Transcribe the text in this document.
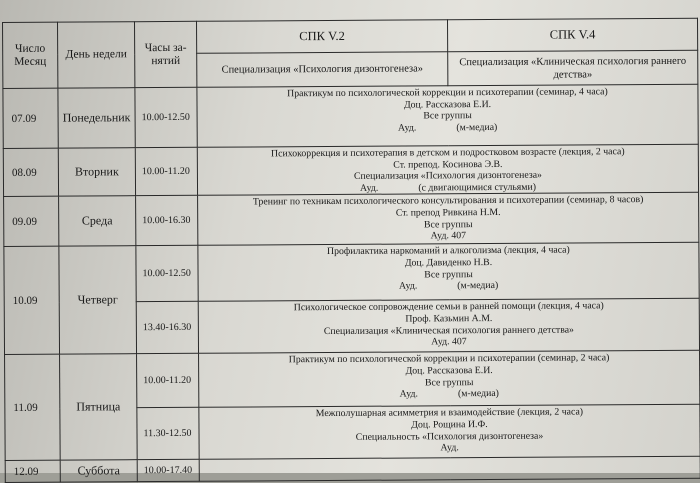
Число Месяц	День недели	Часы за-нятий	СПК V.2	СПК V.4
			Специализация «Психология дизонтогенеза»	Специализация «Клиническая психология раннего детства»
07.09	Понедельник	10.00-12.50	Практикум по психологической коррекции и психотерапии (семинар, 4 часа)
Доц. Рассказова Е.И.
Все группы
Ауд. (м-медиа)	

08.09	Вторник	10.00-11.20	Психокоррекция и психотерапия в детском и подростковом возрасте (лекция, 2 часа)
Ст. препод. Косинова Э.В.
Специализация «Психология дизонтогенеза»
Ауд. (с двигающимися стульями)	

09.09	Среда	10.00-16.30	Тренинг по техникам психологического консультирования и психотерапии (семинар, 8 часов)
Ст. препод Ривкина Н.М.
Все группы
Ауд. 407	

10.09	Четверг	10.00-12.50	Профилактика наркоманий и алкоголизма (лекция, 4 часа)
Доц. Давиденко Н.В.
Все группы
Ауд. (м-медиа)	

		13.40-16.30	Психологическое сопровождение семьи в ранней помощи (лекция, 4 часа)
Проф. Казьмин А.М.
Специализация «Клиническая психология раннего детства»
Ауд. 407	

11.09	Пятница	10.00-11.20	Практикум по психологической коррекции и психотерапии (семинар, 2 часа)
Доц. Рассказова Е.И.
Все группы
Ауд. (м-медиа)	

		11.30-12.50	Межполушарная асимметрия и взаимодействие (лекция, 2 часа)
Доц. Рощина И.Ф.
Специальность «Психология дизонтогенеза»
Ауд.	

12.09	Суббота	10.00-17.40		
